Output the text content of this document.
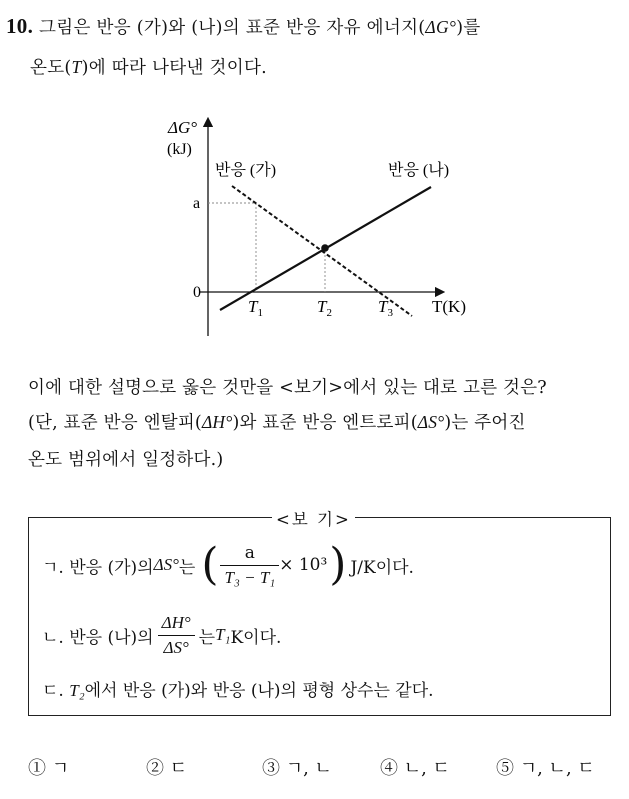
10. 그림은 반응 (가)와 (나)의 표준 반응 자유 에너지(ΔG°)를
온도(T)에 따라 나타낸 것이다.
ΔG°
(kJ)
반응 (가)	반응 (나)
a
0
$T_1$	$T_2$	$T_3$ T(K)
이에 대한 설명으로 옳은 것만을 <보기>에서 있는 대로 고른 것은?
(단, 표준 반응 엔탈피(ΔH°)와 표준 반응 엔트로피(ΔS°)는 주어진
온도 범위에서 일정하다.)
<보 기>
ㄱ. 반응 (가)의 ΔS° 는 ( $\frac{a}{\text{T₃ − T₁}} \times 10^3$ ) J/K이다.
ㄴ. 반응 (나)의 $\frac{\Delta H^\circ}{\Delta S^\circ}$ 는 T₁ K이다.
ㄷ. T₂에서 반응 (가)와 반응 (나)의 평형 상수는 같다.
① ㄱ	② ㄷ	③ ㄱ, ㄴ	④ ㄴ, ㄷ	⑤ ㄱ, ㄴ, ㄷ
